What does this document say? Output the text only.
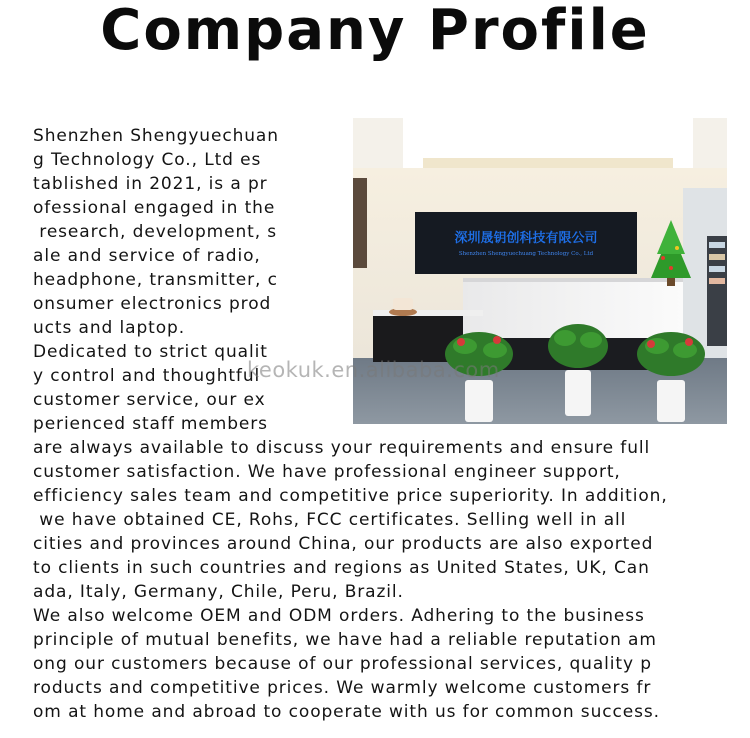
Company Profile
Shenzhen Shengyuechuan
g Technology Co., Ltd es
tablished in 2021, is a pr
ofessional engaged in the
research, development, s
ale and service of radio,
headphone, transmitter, c
onsumer electronics prod
ucts and laptop.
Dedicated to strict qualit
y control and thoughtful
customer service, our ex
perienced staff members
are always available to discuss your requirements and ensure full
customer satisfaction. We have professional engineer support,
efficiency sales team and competitive price superiority. In addition,
we have obtained CE, Rohs, FCC certificates. Selling well in all
cities and provinces around China, our products are also exported
to clients in such countries and regions as United States, UK, Can
ada, Italy, Germany, Chile, Peru, Brazil.
We also welcome OEM and ODM orders. Adhering to the business
principle of mutual benefits, we have had a reliable reputation am
ong our customers because of our professional services, quality p
roducts and competitive prices. We warmly welcome customers fr
om at home and abroad to cooperate with us for common success.
深圳晟钥创科技有限公司
Shenzhen Shengyuechuang Technology Co., Ltd
keokuk.en.alibaba.com
